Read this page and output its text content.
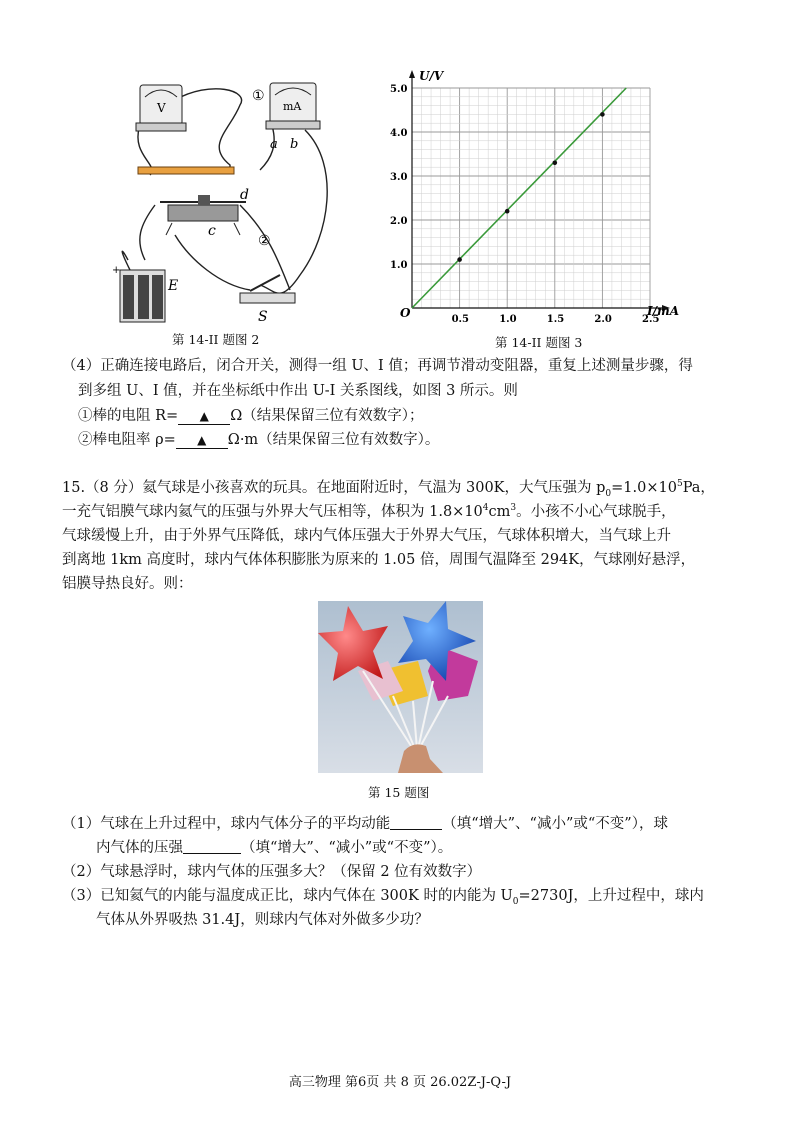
V	mA
①
a b
d
c
②
+
E
S
第 14-II 题图 2
0.5	1.0	1.5	2.0	2.5
1.0
2.0
3.0
4.0
5.0
U/V
I/mA
O
第 14-II 题图 3
（4）正确连接电路后，闭合开关，测得一组 U、I 值；再调节滑动变阻器，重复上述测量步骤，得
到多组 U、I 值，并在坐标纸中作出 U-I 关系图线，如图 3 所示。则
①棒的电阻 R= ▲ Ω（结果保留三位有效数字）；
②棒电阻率 ρ= ▲ Ω·m（结果保留三位有效数字）。
15.（8 分）氦气球是小孩喜欢的玩具。在地面附近时，气温为 300K，大气压强为 $p_0=1.0\times 10^5Pa$，
一充气铝膜气球内氦气的压强与外界大气压相等，体积为 $1.8\times 10^4cm^3$。小孩不小心气球脱手，
气球缓慢上升，由于外界气压降低，球内气体压强大于外界大气压，气球体积增大，当气球上升
到离地 1km 高度时，球内气体体积膨胀为原来的 1.05 倍，周围气温降至 294K，气球刚好悬浮，
铝膜导热良好。则：
第 15 题图
（1）气球在上升过程中，球内气体分子的平均动能	（填“增大”、“减小”或“不变”），球
内气体的压强	（填“增大”、“减小”或“不变”）。
（2）气球悬浮时，球内气体的压强多大？（保留 2 位有效数字）
（3）已知氦气的内能与温度成正比，球内气体在 300K 时的内能为 $U_0=2730J$，上升过程中，球内
气体从外界吸热 31.4J，则球内气体对外做多少功？
高三物理 第6页 共 8 页 26.02Z-J-Q-J
